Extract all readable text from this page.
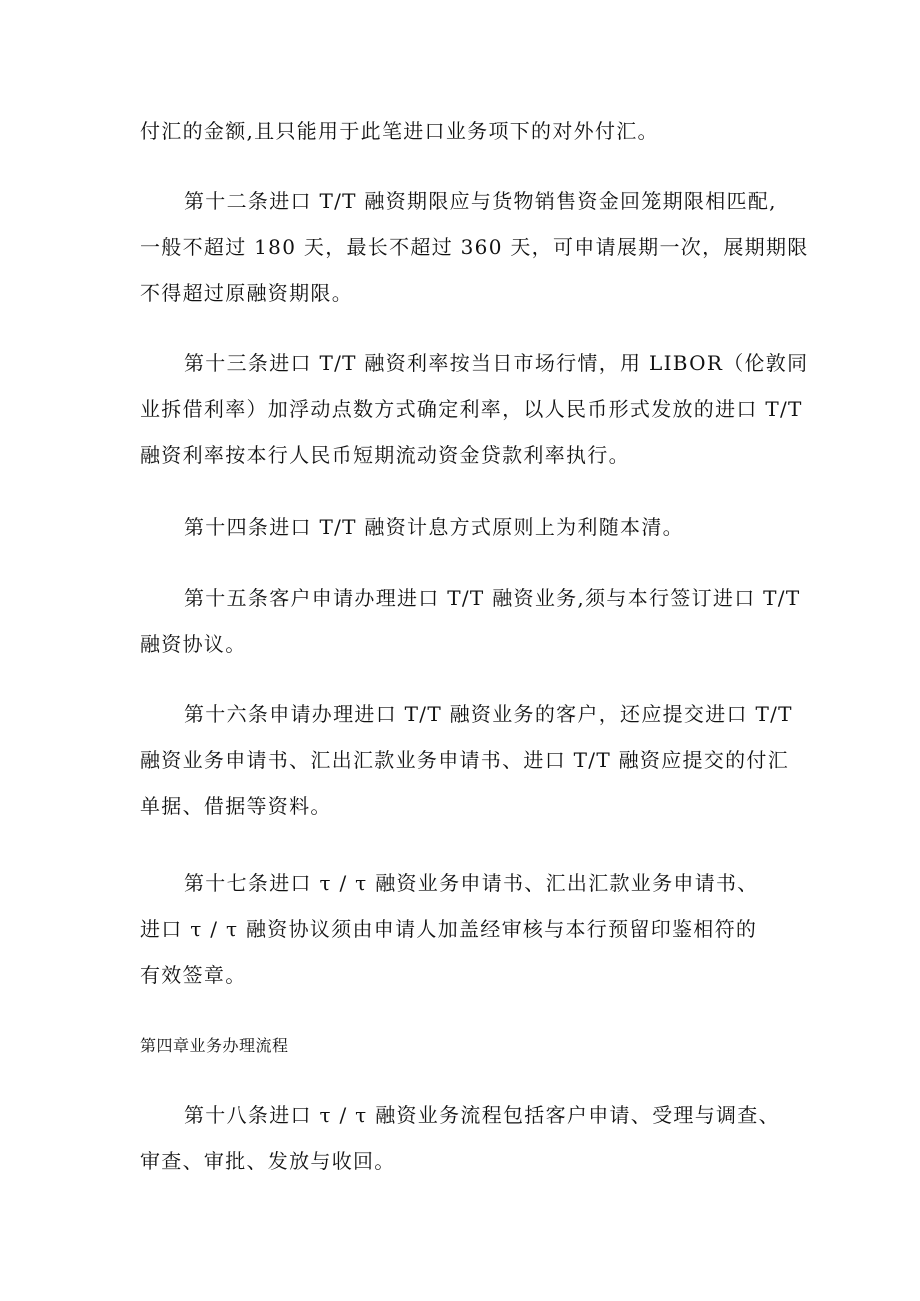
付汇的金额,且只能用于此笔进口业务项下的对外付汇。

第十二条进口 T/T 融资期限应与货物销售资金回笼期限相匹配,
一般不超过 180 天，最长不超过 360 天，可申请展期一次，展期期限
不得超过原融资期限。

第十三条进口 T/T 融资利率按当日市场行情，用 LIBOR（伦敦同
业拆借利率）加浮动点数方式确定利率，以人民币形式发放的进口 T/T
融资利率按本行人民币短期流动资金贷款利率执行。

第十四条进口 T/T 融资计息方式原则上为利随本清。

第十五条客户申请办理进口 T/T 融资业务,须与本行签订进口 T/T
融资协议。

第十六条申请办理进口 T/T 融资业务的客户，还应提交进口 T/T
融资业务申请书、汇出汇款业务申请书、进口 T/T 融资应提交的付汇
单据、借据等资料。

第十七条进口 τ / τ 融资业务申请书、汇出汇款业务申请书、
进口 τ / τ 融资协议须由申请人加盖经审核与本行预留印鉴相符的
有效签章。

第四章业务办理流程

第十八条进口 τ / τ 融资业务流程包括客户申请、受理与调查、
审查、审批、发放与收回。
